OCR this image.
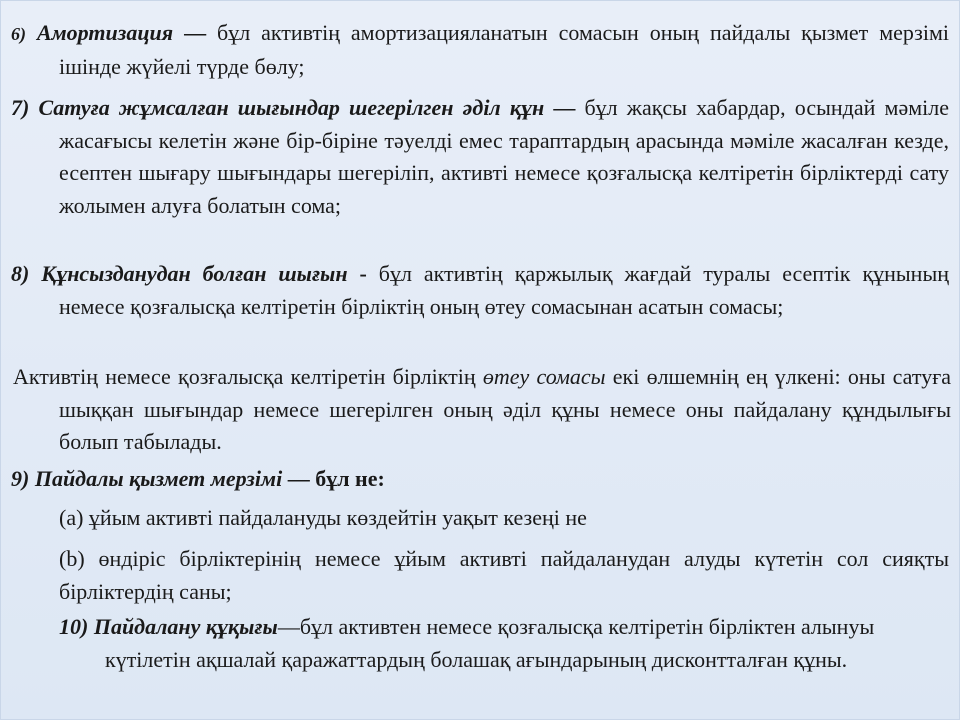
6) Амортизация — бұл активтің амортизацияланатын сомасын оның пайдалы қызмет мерзімі ішінде жүйелі түрде бөлу;
7) Сатуға жұмсалған шығындар шегерілген әділ құн — бұл жақсы хабардар, осындай мәміле жасағысы келетін және бір-біріне тәуелді емес тараптардың арасында мәміле жасалған кезде, есептен шығару шығындары шегеріліп, активті немесе қозғалысқа келтіретін бірліктерді сату жолымен алуға болатын сома;
8) Құнсызданудан болған шығын - бұл активтің қаржылық жағдай туралы есептік құнының немесе қозғалысқа келтіретін бірліктің оның өтеу сомасынан асатын сомасы;
Активтің немесе қозғалысқа келтіретін бірліктің өтеу сомасы екі өлшемнің ең үлкені: оны сатуға шыққан шығындар немесе шегерілген оның әділ құны немесе оны пайдалану құндылығы болып табылады.
9) Пайдалы қызмет мерзімі — бұл не:
(a) ұйым активті пайдалануды көздейтін уақыт кезеңі не
(b) өндіріс бірліктерінің немесе ұйым активті пайдаланудан алуды күтетін сол сияқты бірліктердің саны;
10) Пайдалану құқығы—бұл активтен немесе қозғалысқа келтіретін бірліктен алынуы күтілетін ақшалай қаражаттардың болашақ ағындарының дисконтталған құны.
